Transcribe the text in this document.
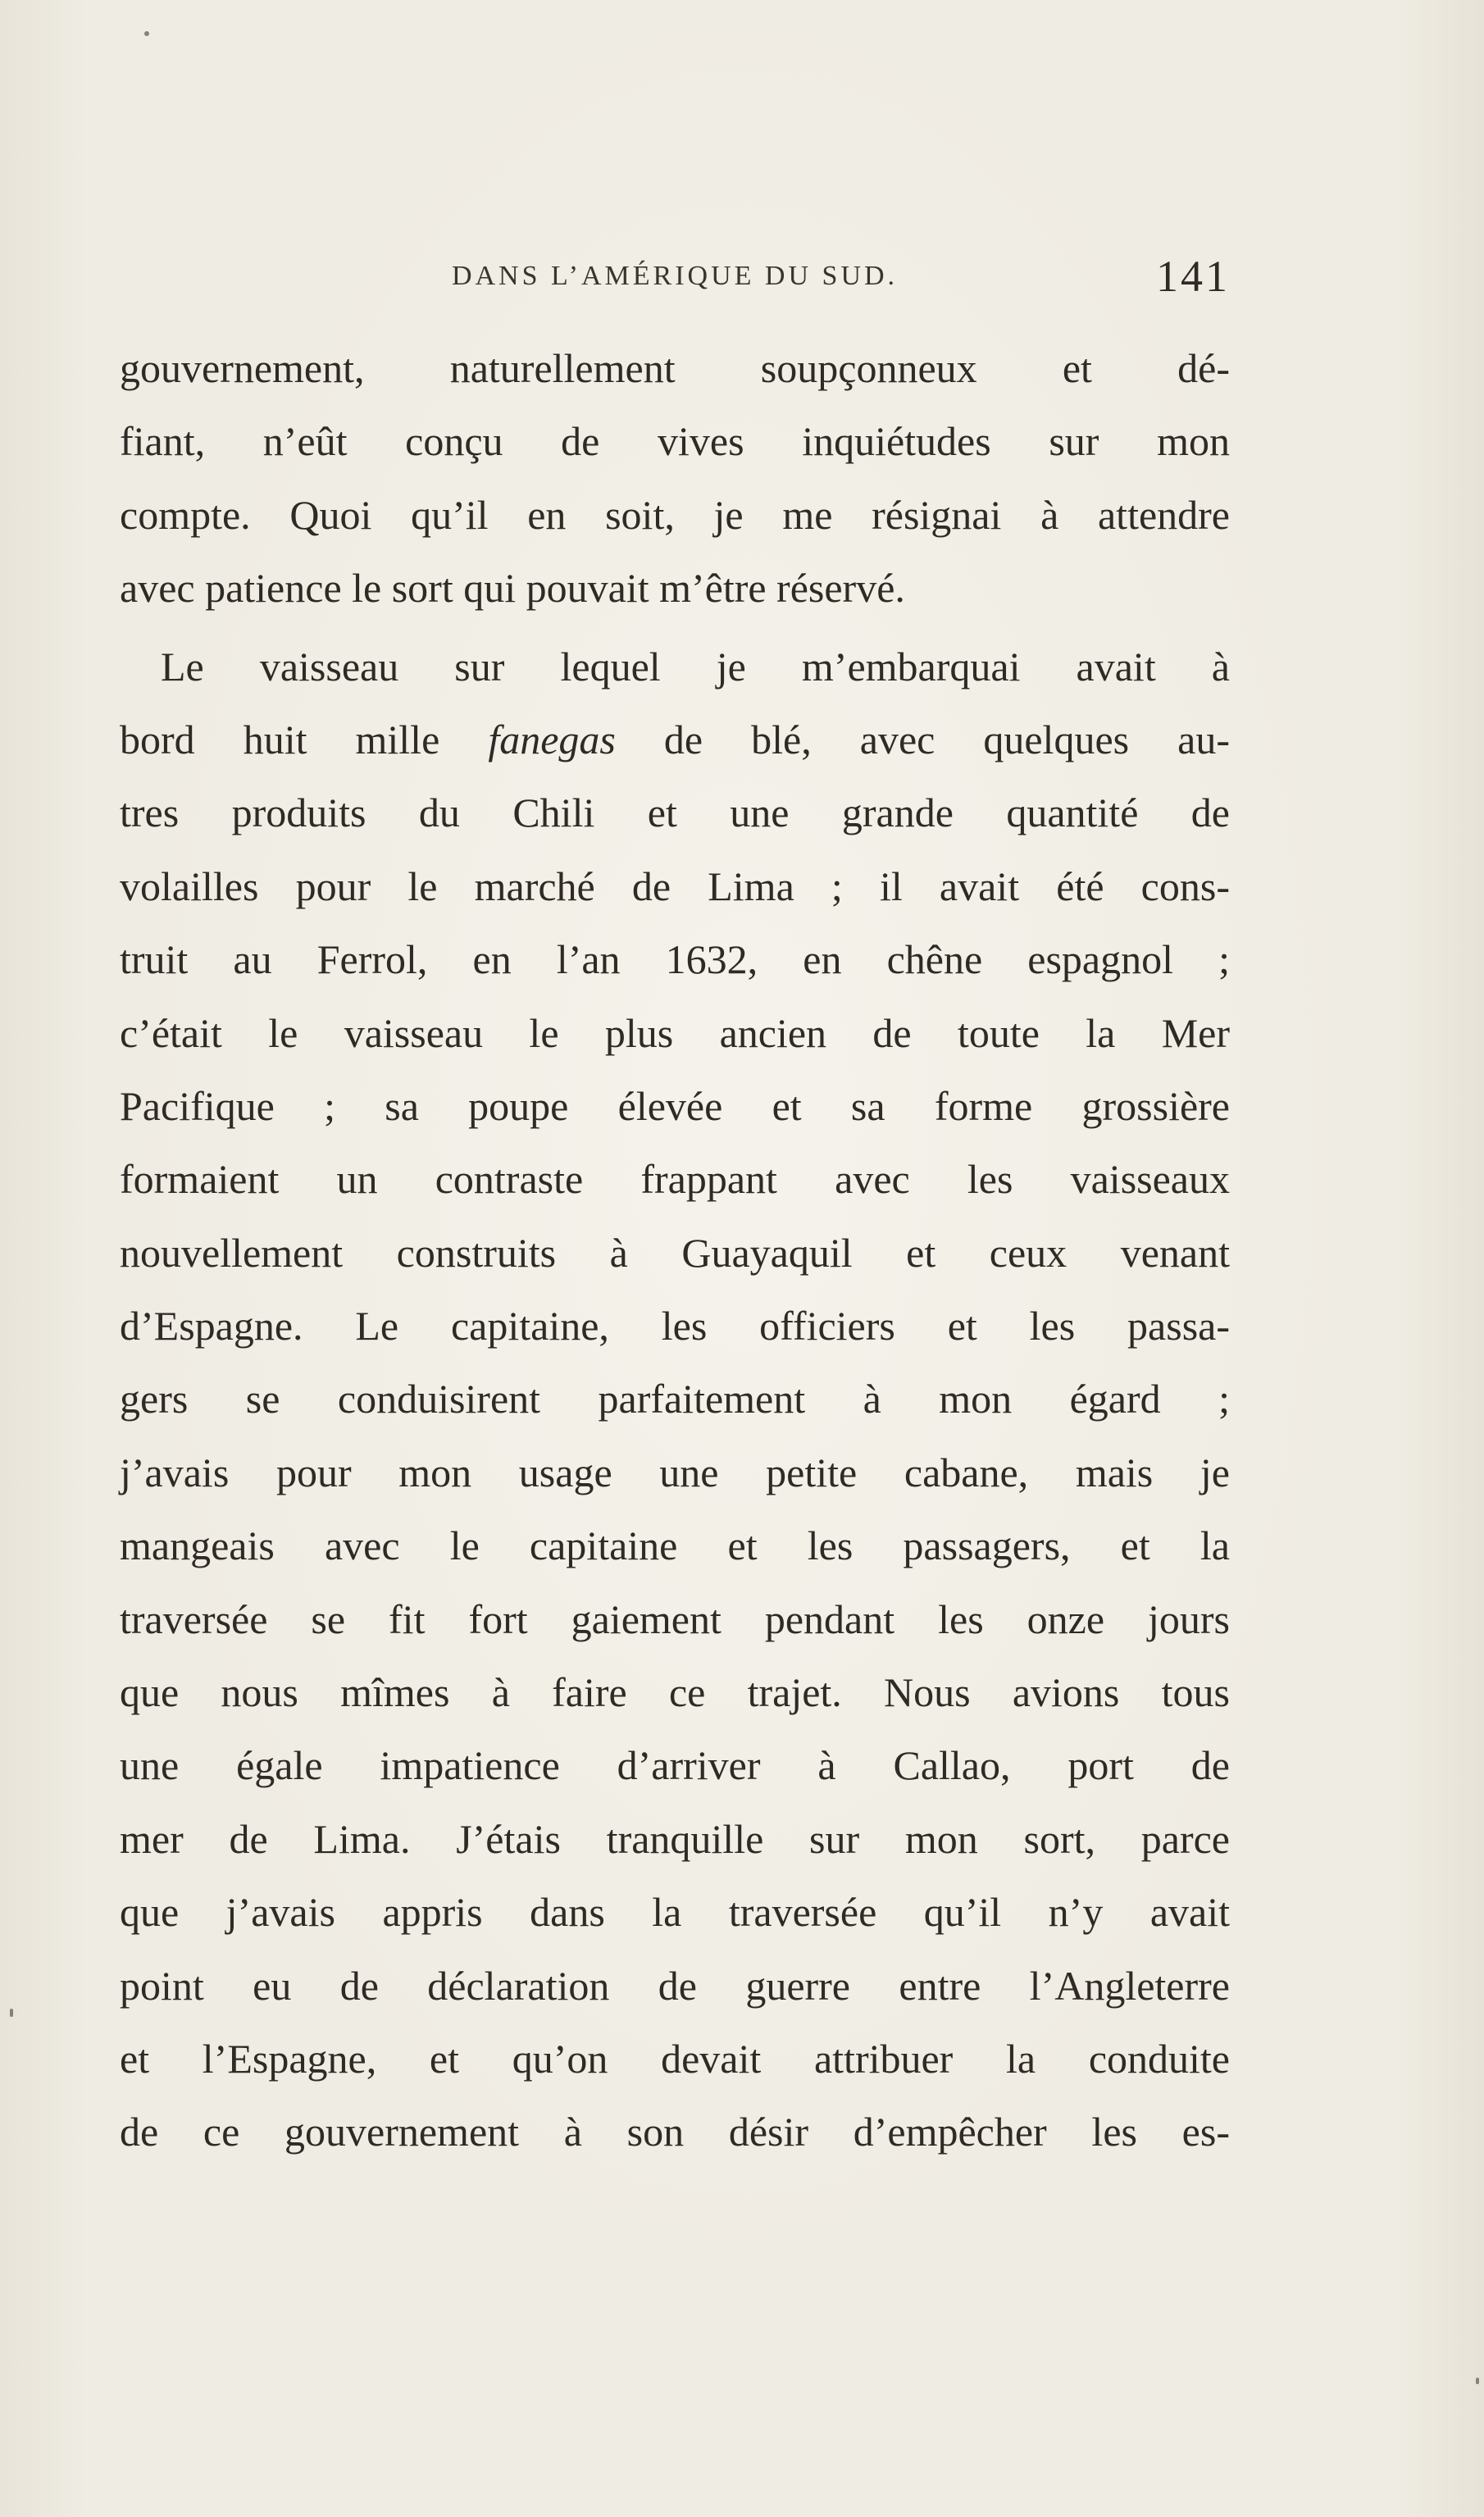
DANS L’AMÉRIQUE DU SUD.	141
gouvernement, naturellement soupçonneux et dé-
fiant, n’eût conçu de vives inquiétudes sur mon
compte. Quoi qu’il en soit, je me résignai à attendre
avec patience le sort qui pouvait m’être réservé.
Le vaisseau sur lequel je m’embarquai avait à
bord huit mille fanegas de blé, avec quelques au-
tres produits du Chili et une grande quantité de
volailles pour le marché de Lima ; il avait été cons-
truit au Ferrol, en l’an 1632, en chêne espagnol ;
c’était le vaisseau le plus ancien de toute la Mer
Pacifique ; sa poupe élevée et sa forme grossière
formaient un contraste frappant avec les vaisseaux
nouvellement construits à Guayaquil et ceux venant
d’Espagne. Le capitaine, les officiers et les passa-
gers se conduisirent parfaitement à mon égard ;
j’avais pour mon usage une petite cabane, mais je
mangeais avec le capitaine et les passagers, et la
traversée se fit fort gaiement pendant les onze jours
que nous mîmes à faire ce trajet. Nous avions tous
une égale impatience d’arriver à Callao, port de
mer de Lima. J’étais tranquille sur mon sort, parce
que j’avais appris dans la traversée qu’il n’y avait
point eu de déclaration de guerre entre l’Angleterre
et l’Espagne, et qu’on devait attribuer la conduite
de ce gouvernement à son désir d’empêcher les es-
